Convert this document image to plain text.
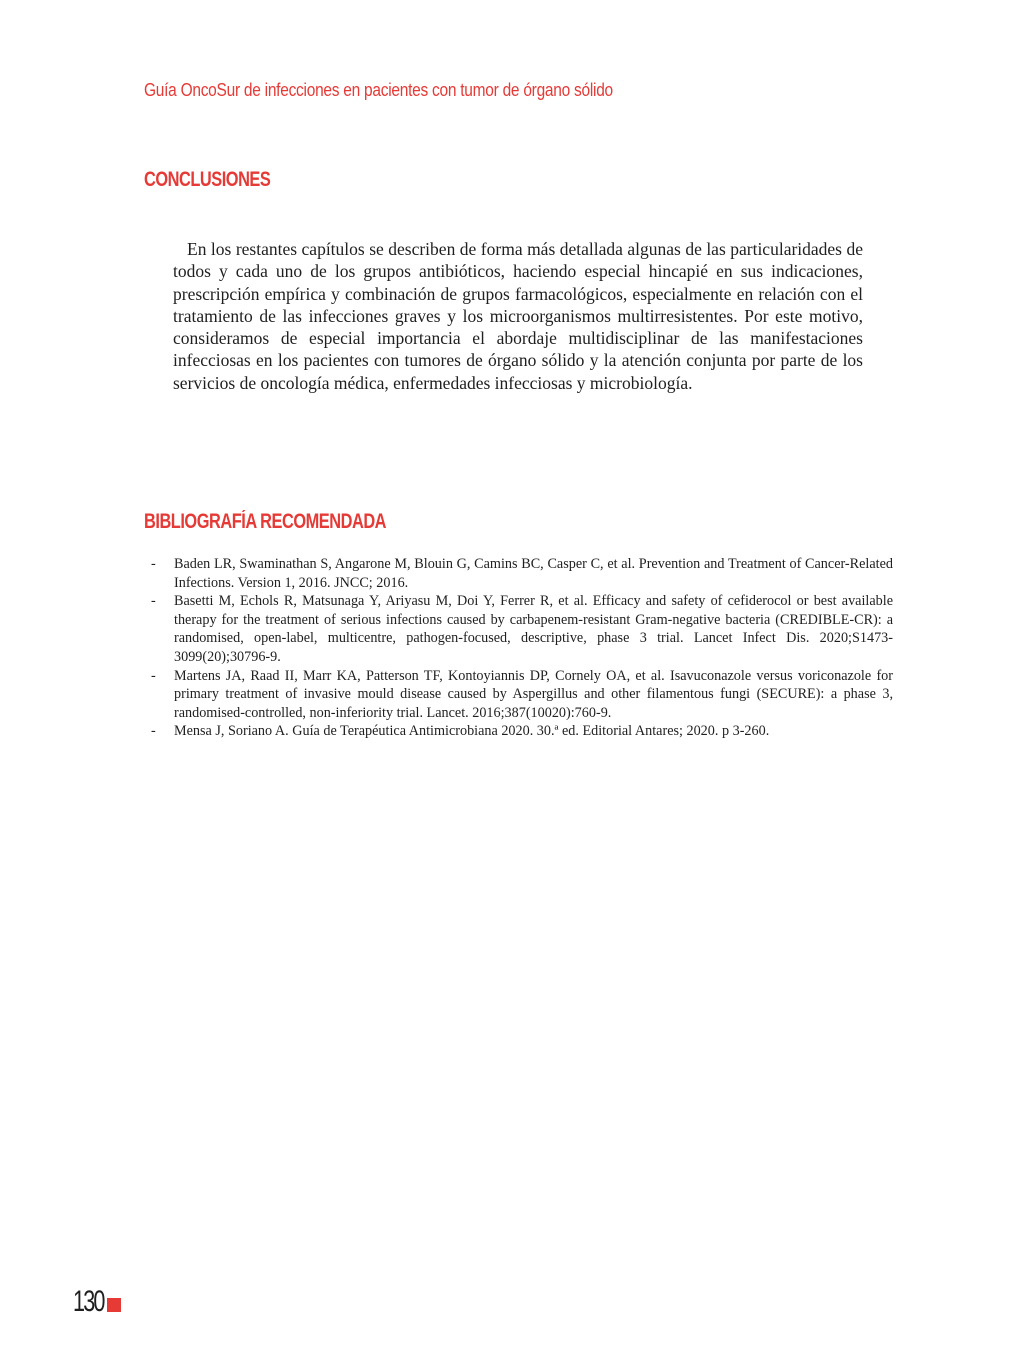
Guía OncoSur de infecciones en pacientes con tumor de órgano sólido
CONCLUSIONES

En los restantes capítulos se describen de forma más detallada algunas de las particularidades de todos y cada uno de los grupos antibióticos, haciendo especial hincapié en sus indicaciones, prescripción empírica y combinación de grupos farmacológicos, especialmente en relación con el tratamiento de las infecciones graves y los microorganismos multirresistentes. Por este motivo, consideramos de especial importancia el abordaje multidisciplinar de las manifestaciones infecciosas en los pacientes con tumores de órgano sólido y la atención conjunta por parte de los servicios de oncología médica, enfermedades infecciosas y microbiología.

BIBLIOGRAFÍA RECOMENDADA
- Baden LR, Swaminathan S, Angarone M, Blouin G, Camins BC, Casper C, et al. Prevention and Treatment of Cancer-Related Infections. Version 1, 2016. JNCC; 2016.
- Basetti M, Echols R, Matsunaga Y, Ariyasu M, Doi Y, Ferrer R, et al. Efficacy and safety of cefiderocol or best available therapy for the treatment of serious infections caused by carbapenem-resistant Gram-negative bacteria (CREDIBLE-CR): a randomised, open-label, multicentre, pathogen-focused, descriptive, phase 3 trial. Lancet Infect Dis. 2020;S1473-3099(20);30796-9.
- Martens JA, Raad II, Marr KA, Patterson TF, Kontoyiannis DP, Cornely OA, et al. Isavuconazole versus voriconazole for primary treatment of invasive mould disease caused by Aspergillus and other filamentous fungi (SECURE): a phase 3, randomised-controlled, non-inferiority trial. Lancet. 2016;387(10020):760-9.
- Mensa J, Soriano A. Guía de Terapéutica Antimicrobiana 2020. 30.ª ed. Editorial Antares; 2020. p 3-260.
130
